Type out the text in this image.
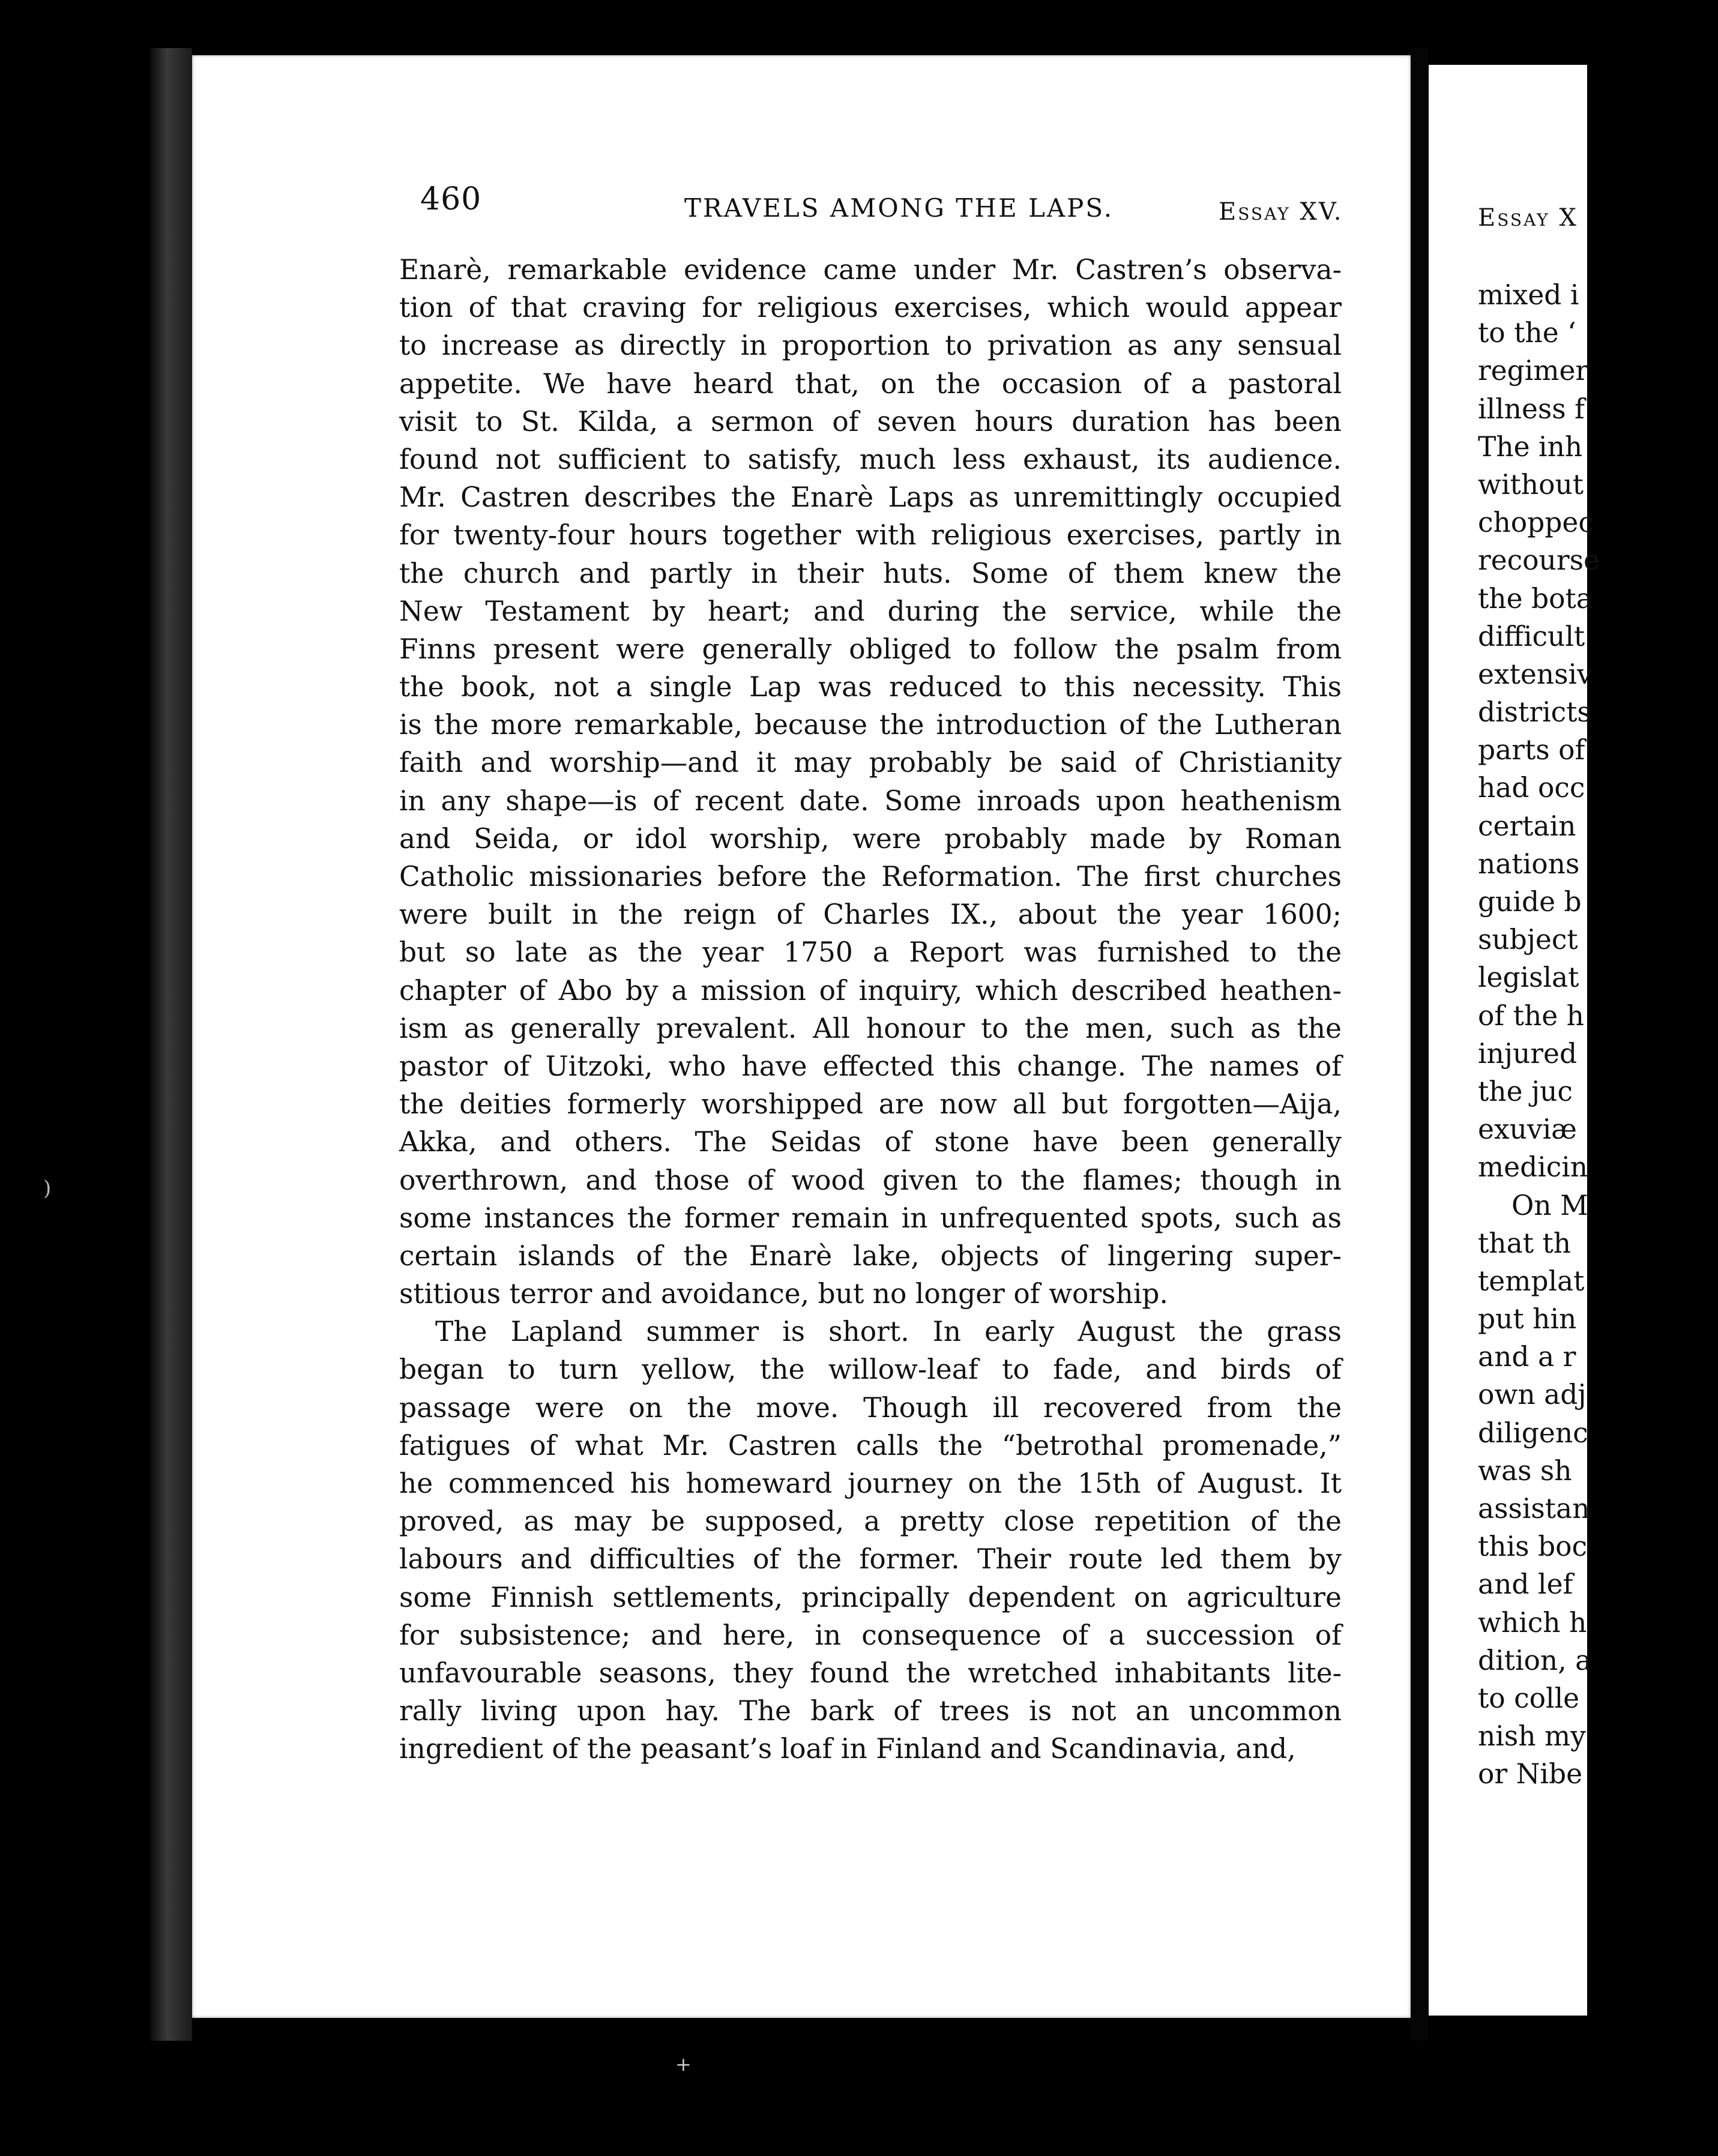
Essay X
mixed i
to the ‘
regimer
illness f
The inh
without
choppec
recourse
the bota
difficult
extensiv
districts
parts of
had occ
certain
nations
guide b
subject
legislat
of the h
injured
the juc
exuviæ
medicin
On M
that th
templat
put hin
and a r
own adj
diligenc
was sh
assistan
this boc
and lef
which h
dition, a
to colle
nish my
or Nibe
460	TRAVELS AMONG THE LAPS.	Essay XV.
Enarè, remarkable evidence came under Mr. Castren’s observa-
tion of that craving for religious exercises, which would appear
to increase as directly in proportion to privation as any sensual
appetite. We have heard that, on the occasion of a pastoral
visit to St. Kilda, a sermon of seven hours duration has been
found not sufficient to satisfy, much less exhaust, its audience.
Mr. Castren describes the Enarè Laps as unremittingly occupied
for twenty-four hours together with religious exercises, partly in
the church and partly in their huts. Some of them knew the
New Testament by heart; and during the service, while the
Finns present were generally obliged to follow the psalm from
the book, not a single Lap was reduced to this necessity. This
is the more remarkable, because the introduction of the Lutheran
faith and worship—and it may probably be said of Christianity
in any shape—is of recent date. Some inroads upon heathenism
and Seida, or idol worship, were probably made by Roman
Catholic missionaries before the Reformation. The first churches
were built in the reign of Charles IX., about the year 1600;
but so late as the year 1750 a Report was furnished to the
chapter of Abo by a mission of inquiry, which described heathen-
ism as generally prevalent. All honour to the men, such as the
pastor of Uitzoki, who have effected this change. The names of
the deities formerly worshipped are now all but forgotten—Aija,
Akka, and others. The Seidas of stone have been generally
overthrown, and those of wood given to the flames; though in
some instances the former remain in unfrequented spots, such as
certain islands of the Enarè lake, objects of lingering super-
stitious terror and avoidance, but no longer of worship.
The Lapland summer is short. In early August the grass
began to turn yellow, the willow-leaf to fade, and birds of
passage were on the move. Though ill recovered from the
fatigues of what Mr. Castren calls the “betrothal promenade,”
he commenced his homeward journey on the 15th of August. It
proved, as may be supposed, a pretty close repetition of the
labours and difficulties of the former. Their route led them by
some Finnish settlements, principally dependent on agriculture
for subsistence; and here, in consequence of a succession of
unfavourable seasons, they found the wretched inhabitants lite-
rally living upon hay. The bark of trees is not an uncommon
ingredient of the peasant’s loaf in Finland and Scandinavia, and,
)
+
